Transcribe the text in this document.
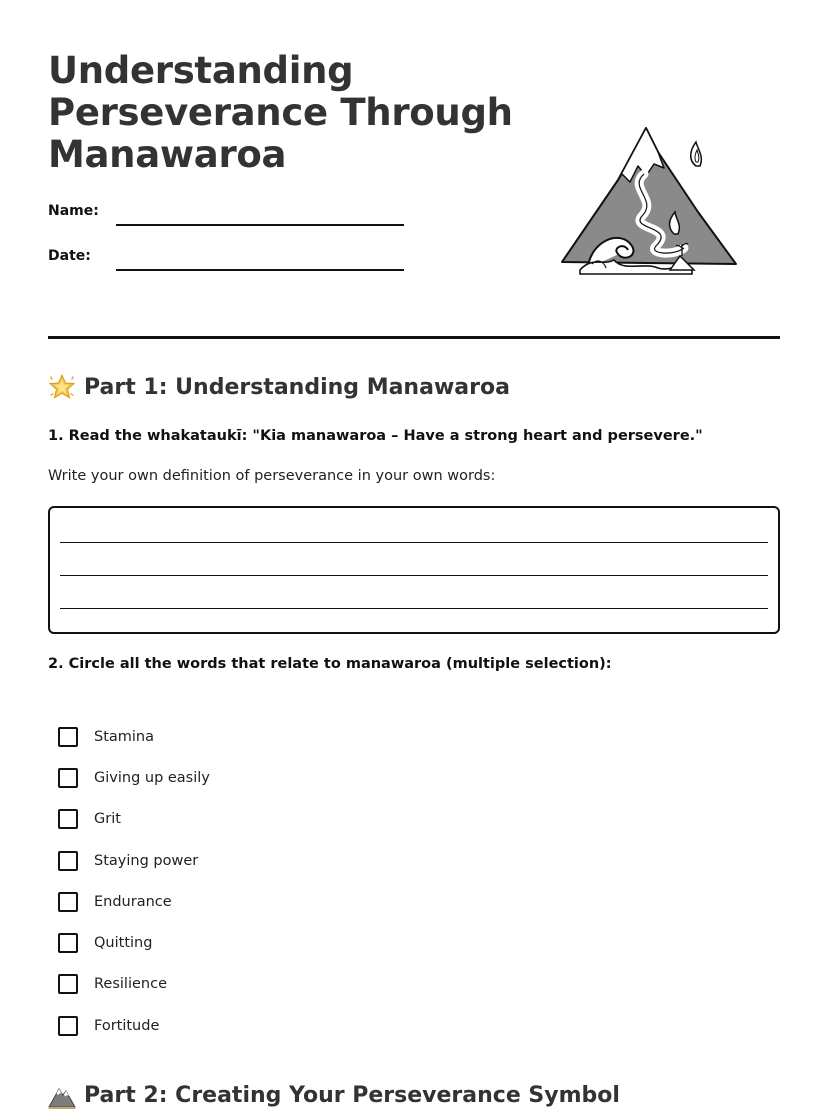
Understanding Perseverance Through Manawaroa
Name:
Date:
Part 1: Understanding Manawaroa

1. Read the whakataukī: "Kia manawaroa – Have a strong heart and persevere."

Write your own definition of perseverance in your own words:

2. Circle all the words that relate to manawaroa (multiple selection):

Stamina
Giving up easily
Grit
Staying power
Endurance
Quitting
Resilience
Fortitude
Part 2: Creating Your Perseverance Symbol
